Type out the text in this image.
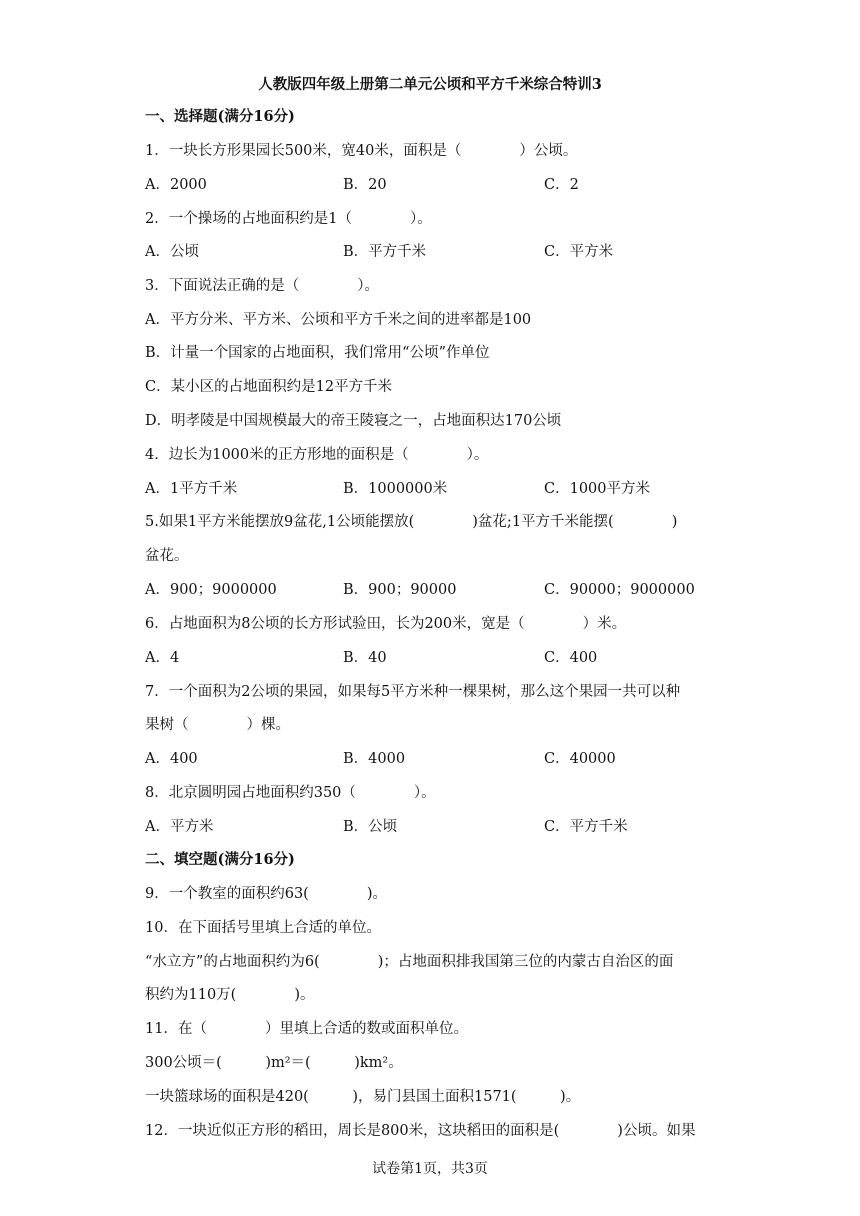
人教版四年级上册第二单元公顷和平方千米综合特训3
一、选择题(满分16分)
1．一块长方形果园长500米，宽40米，面积是（　　　　）公顷。
A．2000	B．20	C．2
2．一个操场的占地面积约是1（　　　　）。
A．公顷	B．平方千米	C．平方米
3．下面说法正确的是（　　　　）。
A．平方分米、平方米、公顷和平方千米之间的进率都是100
B．计量一个国家的占地面积，我们常用“公顷”作单位
C．某小区的占地面积约是12平方千米
D．明孝陵是中国规模最大的帝王陵寝之一，占地面积达170公顷
4．边长为1000米的正方形地的面积是（　　　　）。
A．1平方千米	B．1000000米	C．1000平方米
5.如果1平方米能摆放9盆花,1公顷能摆放(　　　　)盆花;1平方千米能摆(　　　　)
盆花。
A．900；9000000	B．900；90000	C．90000；9000000
6．占地面积为8公顷的长方形试验田，长为200米，宽是（　　　　）米。
A．4	B．40	C．400
7．一个面积为2公顷的果园，如果每5平方米种一棵果树，那么这个果园一共可以种
果树（　　　　）棵。
A．400	B．4000	C．40000
8．北京圆明园占地面积约350（　　　　）。
A．平方米	B．公顷	C．平方千米
二、填空题(满分16分)
9．一个教室的面积约63(　　　　)。
10．在下面括号里填上合适的单位。
“水立方”的占地面积约为6(　　　　)；占地面积排我国第三位的内蒙古自治区的面
积约为110万(　　　　)。
11．在（　　　　）里填上合适的数或面积单位。
300公顷＝(　　　)m²＝(　　　)km²。
一块篮球场的面积是420(　　　)，易门县国土面积1571(　　　)。
12．一块近似正方形的稻田，周长是800米，这块稻田的面积是(　　　　)公顷。如果
试卷第1页，共3页
